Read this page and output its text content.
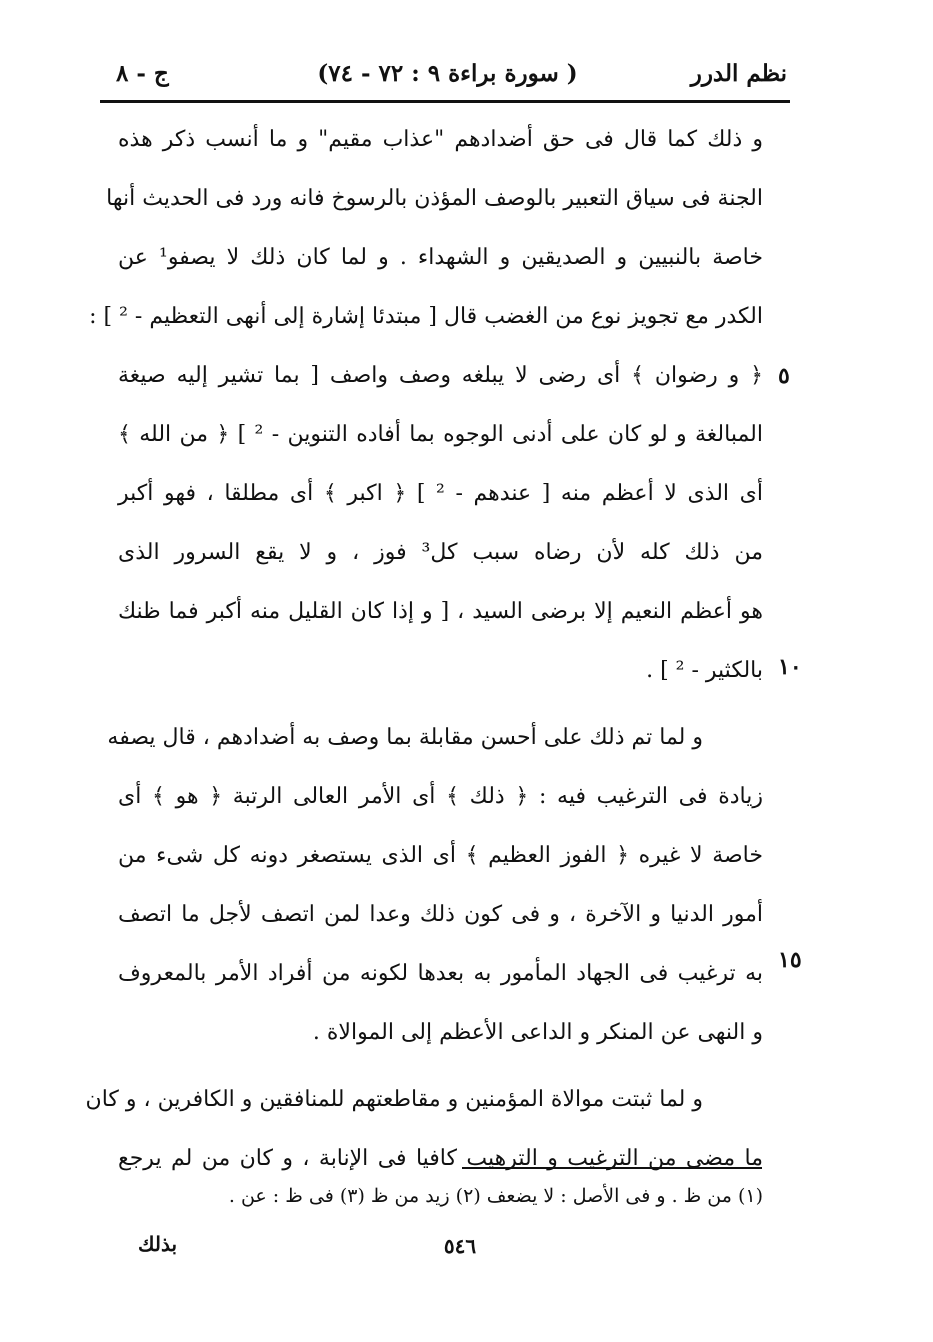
نظم الدرر
( سورة براءة ٩ : ٧٢ - ٧٤)
ج - ٨
و ذلك كما قال فى حق أضدادهم "عذاب مقيم" و ما أنسب ذكر هذه
الجنة فى سياق التعبير بالوصف المؤذن بالرسوخ فانه ورد فى الحديث أنها
خاصة بالنبيين و الصديقين و الشهداء . و لما كان ذلك لا يصفو¹ عن
الكدر مع تجويز نوع من الغضب قال [ مبتدئا إشارة إلى أنهى التعظيم - ² ] :
﴿ و رضوان ﴾ أى رضى لا يبلغه وصف واصف [ بما تشير إليه صيغة
المبالغة و لو كان على أدنى الوجوه بما أفاده التنوين - ² ] ﴿ من الله ﴾
أى الذى لا أعظم منه [ عندهم - ² ] ﴿ اكبر ﴾ أى مطلقا ، فهو أكبر
من ذلك كله لأن رضاه سبب كل³ فوز ، و لا يقع السرور الذى
هو أعظم النعيم إلا برضى السيد ، [ و إذا كان القليل منه أكبر فما ظنك
بالكثير - ² ] .
و لما تم ذلك على أحسن مقابلة بما وصف به أضدادهم ، قال يصفه
زيادة فى الترغيب فيه : ﴿ ذلك ﴾ أى الأمر العالى الرتبة ﴿ هو ﴾ أى
خاصة لا غيره ﴿ الفوز العظيم ﴾ أى الذى يستصغر دونه كل شىء من
أمور الدنيا و الآخرة ، و فى كون ذلك وعدا لمن اتصف لأجل ما اتصف
به ترغيب فى الجهاد المأمور به بعدها لكونه من أفراد الأمر بالمعروف
و النهى عن المنكر و الداعى الأعظم إلى الموالاة .
و لما ثبتت موالاة المؤمنين و مقاطعتهم للمنافقين و الكافرين ، و كان
ما مضى من الترغيب و الترهيب كافيا فى الإنابة ، و كان من لم يرجع
٥
١٠
١٥
(١) من ظ . و فى الأصل : لا يضعف (٢) زيد من ظ (٣) فى ظ : عن .
بذلك	٥٤٦
